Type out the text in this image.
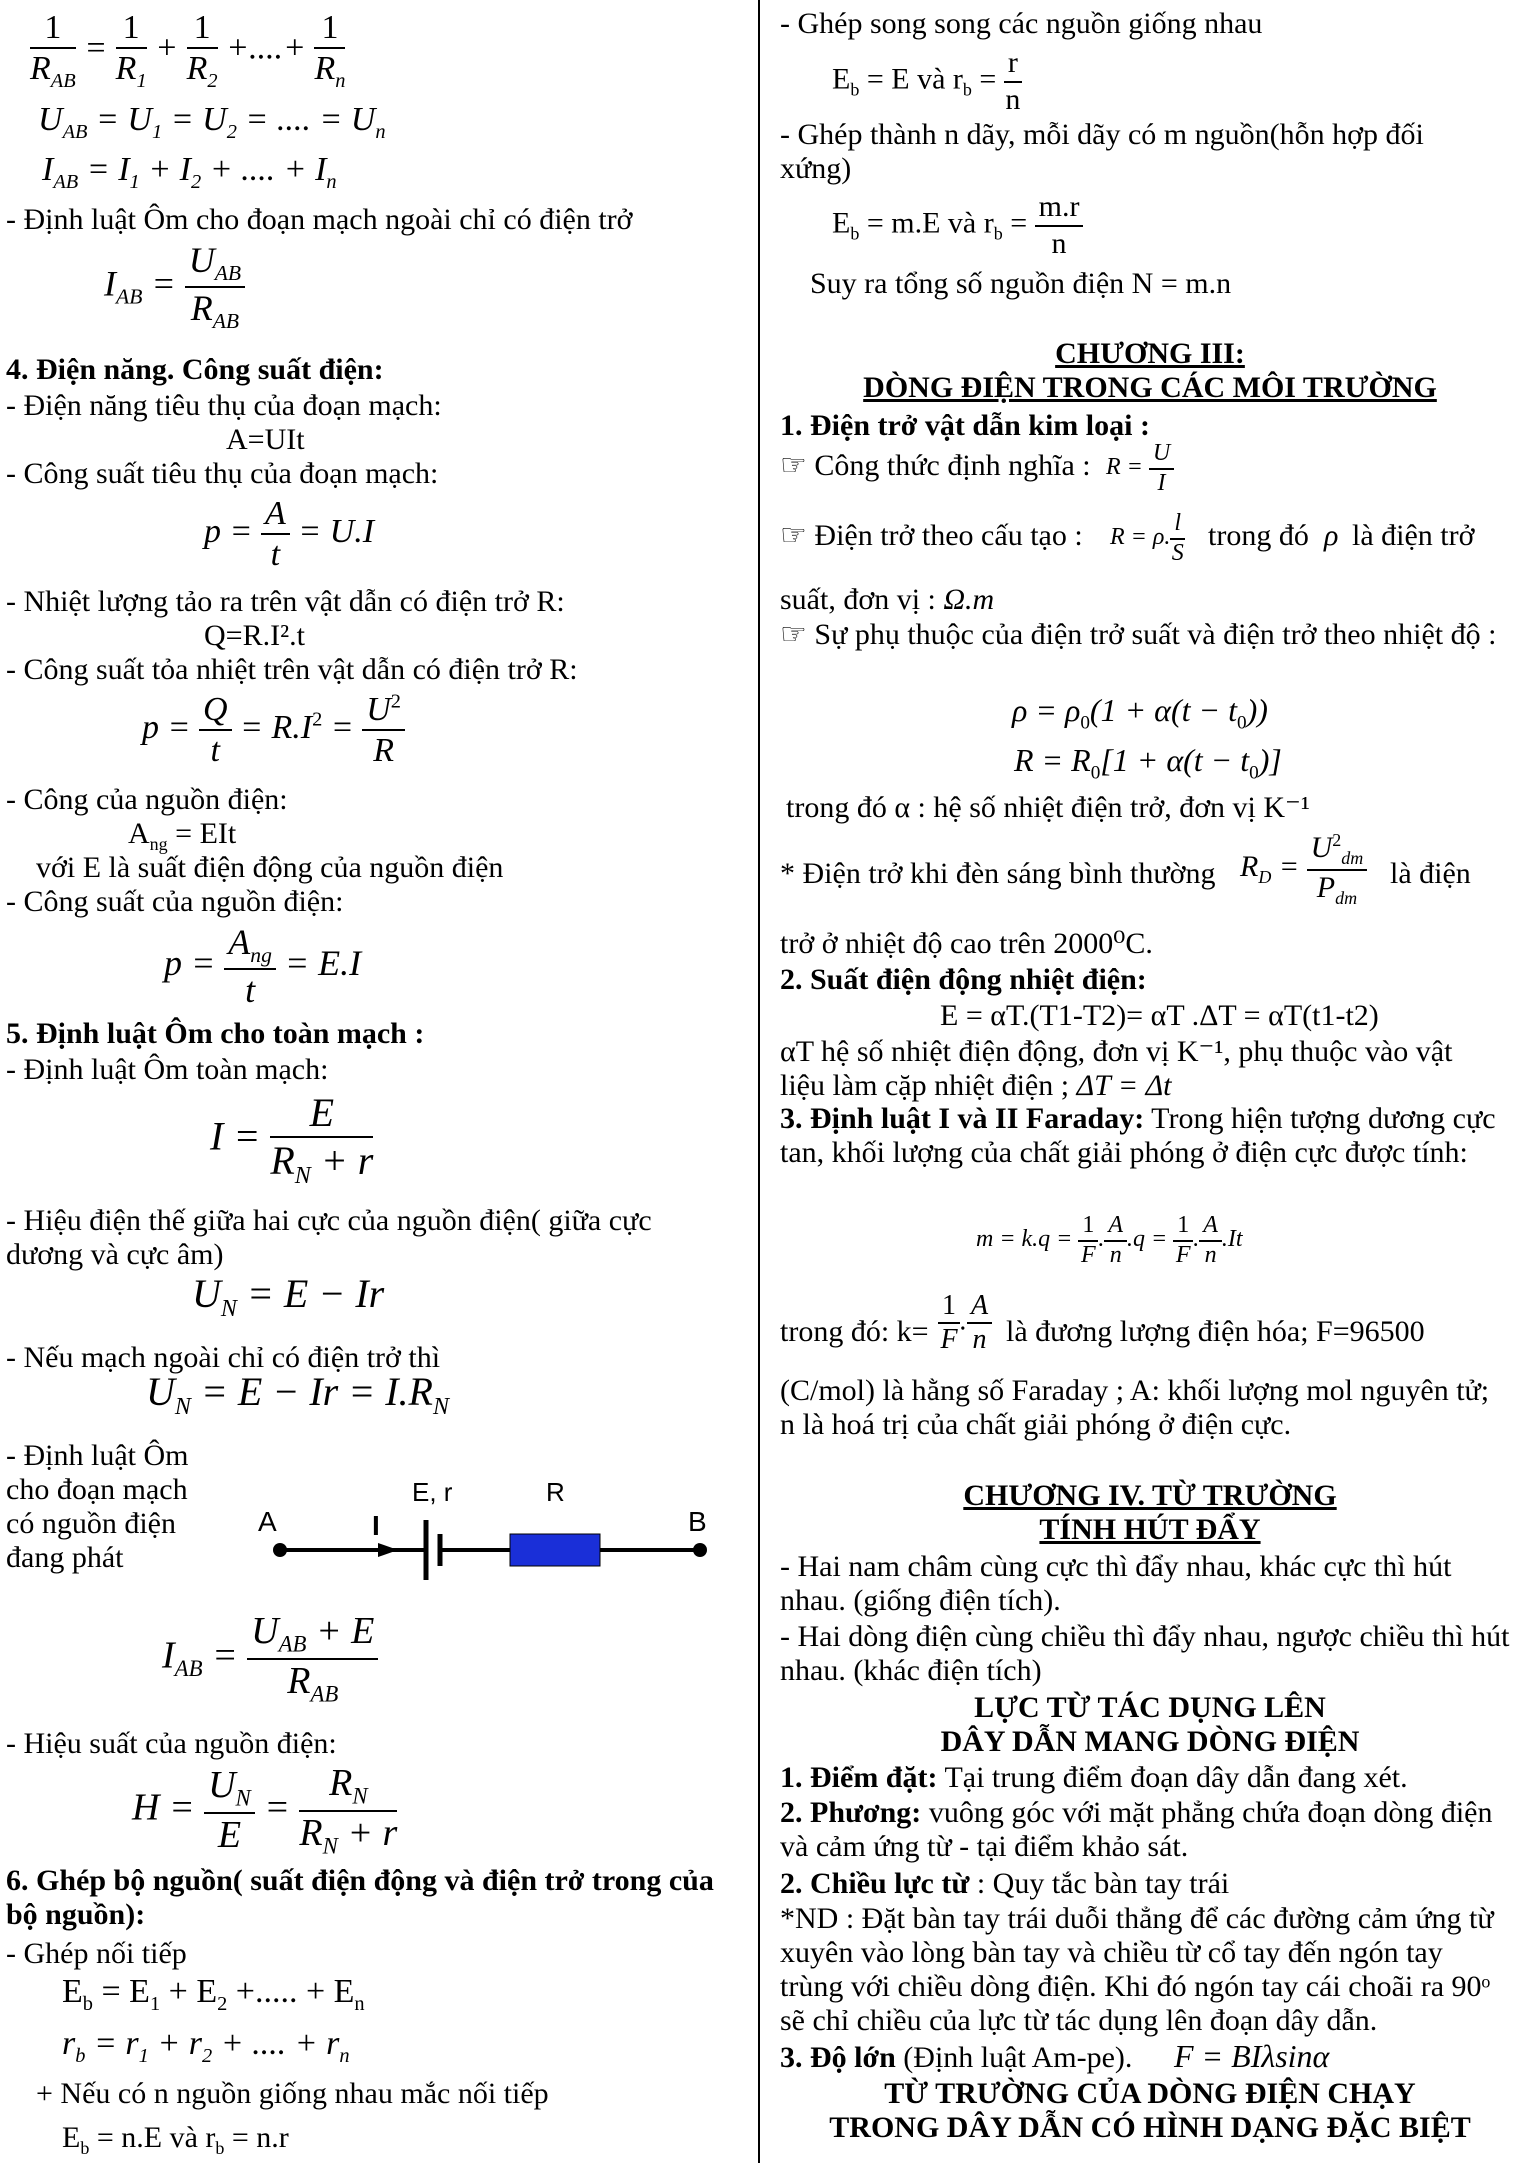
$\frac{1}{R_{AB}} = \frac{1}{R_1} + \frac{1}{R_2}$ +....+ $\frac{1}{R_n}$
$U_{AB} = U_1 = U_2$ = .... = $U_n$
$I_{AB} = I_1 + I_2$ + .... + $I_n$
- Định luật Ôm cho đoạn mạch ngoài chỉ có điện trở
$I_{AB} = \frac{U_{AB}}{R_{AB}}$
4. Điện năng. Công suất điện:
- Điện năng tiêu thụ của đoạn mạch:
A=UIt
- Công suất tiêu thụ của đoạn mạch:
$p = \frac{A}{t} = U.I$
- Nhiệt lượng tảo ra trên vật dẫn có điện trở R:
Q=R.I².t
- Công suất tỏa nhiệt trên vật dẫn có điện trở R:
$p = \frac{Q}{t} = R.I^2 = \frac{U^2}{R}$
- Công của nguồn điện:
$A_{ng}$ = EIt
với E là suất điện động của nguồn điện
- Công suất của nguồn điện:
$p = \frac{A_{ng}}{t} = E.I$
5. Định luật Ôm cho toàn mạch :
- Định luật Ôm toàn mạch:
$I = \frac{E}{R_N + r}$
- Hiệu điện thế giữa hai cực của nguồn điện( giữa cực dương và cực âm)
$U_N = E - Ir$
- Nếu mạch ngoài chỉ có điện trở thì
$U_N = E - Ir = I.R_N$
- Định luật Ôm
cho đoạn mạch
có nguồn điện
đang phát
A	B
I
E, r	R
$I_{AB} = \frac{U_{AB} + E}{R_{AB}}$
- Hiệu suất của nguồn điện:
$H = \frac{U_N}{E} = \frac{R_N}{R_N + r}$
6. Ghép bộ nguồn( suất điện động và điện trở trong của bộ nguồn):
- Ghép nối tiếp
$E_b = E_1 + E_2$ +..... + $E_n$
$r_b = r_1 + r_2$ + .... + $r_n$
+ Nếu có n nguồn giống nhau mắc nối tiếp
$E_b = n.E$ và $r_b = n.r$
- Ghép song song các nguồn giống nhau
$E_b = E$ và $r_b = \frac{r}{n}$
- Ghép thành n dãy, mỗi dãy có m nguồn(hỗn hợp đối xứng)
$E_b = m.E$ và $r_b = \frac{m.r}{n}$
Suy ra tổng số nguồn điện N = m.n
CHƯƠNG III:
DÒNG ĐIỆN TRONG CÁC MÔI TRƯỜNG
1. Điện trở vật dẫn kim loại :
☞ Công thức định nghĩa : $R = \frac{U}{I}$
☞ Điện trở theo cấu tạo : R = ρ. $\frac{l}{S}$ trong đó ρ là điện trở
suất, đơn vị : Ω.m
☞ Sự phụ thuộc của điện trở suất và điện trở theo nhiệt độ :
$\rho = \rho_0(1 + \alpha(t - t_0))$
$R = R_0[1 + \alpha(t - t_0)]$
trong đó α : hệ số nhiệt điện trở, đơn vị K⁻¹
* Điện trở khi đèn sáng bình thường $R_D = \frac{U^2_{dm}}{P_{dm}}$ là điện
trở ở nhiệt độ cao trên 2000⁰C.
2. Suất điện động nhiệt điện:
E = αT.(T1-T2)= αT .ΔT = αT(t1-t2)
αT hệ số nhiệt điện động, đơn vị K⁻¹, phụ thuộc vào vật
liệu làm cặp nhiệt điện ; ΔT = Δt
3. Định luật I và II Faraday: Trong hiện tượng dương cực tan, khối lượng của chất giải phóng ở điện cực được tính:
$m = k.q = \frac{1}{F}$ . $\frac{A}{n} .q = \frac{1}{F}$ . $\frac{A}{n} .It$
trong đó: $k= \frac{1}{F}$ . $\frac{A}{n}$ là đương lượng điện hóa; F=96500
(C/mol) là hằng số Faraday ; A: khối lượng mol nguyên tử; n là hoá trị của chất giải phóng ở điện cực.
CHƯƠNG IV. TỪ TRƯỜNG
TÍNH HÚT ĐẨY
- Hai nam châm cùng cực thì đẩy nhau, khác cực thì hút nhau. (giống điện tích).
- Hai dòng điện cùng chiều thì đẩy nhau, ngược chiều thì hút nhau. (khác điện tích)
LỰC TỪ TÁC DỤNG LÊN
DÂY DẪN MANG DÒNG ĐIỆN
1. Điểm đặt: Tại trung điểm đoạn dây dẫn đang xét.
2. Phương: vuông góc với mặt phẳng chứa đoạn dòng điện và cảm ứng từ - tại điểm khảo sát.
2. Chiều lực từ : Quy tắc bàn tay trái
*ND : Đặt bàn tay trái duỗi thẳng để các đường cảm ứng từ xuyên vào lòng bàn tay và chiều từ cổ tay đến ngón tay trùng với chiều dòng điện. Khi đó ngón tay cái choãi ra 90ᵒ sẽ chỉ chiều của lực từ tác dụng lên đoạn dây dẫn.
3. Độ lớn (Định luật Am-pe). F = BIλsinα
TỪ TRƯỜNG CỦA DÒNG ĐIỆN CHẠY
TRONG DÂY DẪN CÓ HÌNH DẠNG ĐẶC BIỆT
